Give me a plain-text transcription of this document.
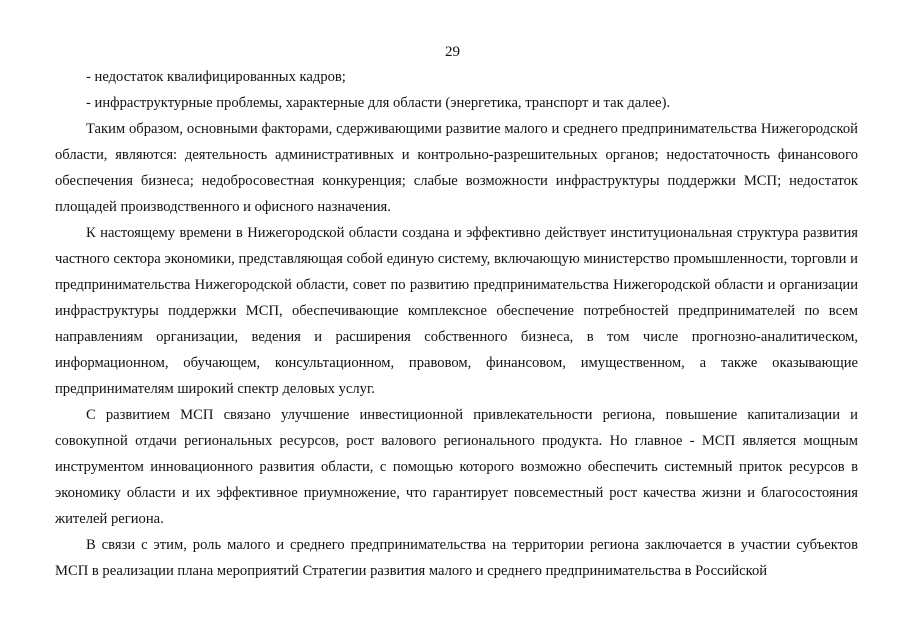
29

- недостаток квалифицированных кадров;

- инфраструктурные проблемы, характерные для области (энергетика, транспорт и так далее).

Таким образом, основными факторами, сдерживающими развитие малого и среднего предпринимательства Нижегородской области, являются: деятельность административных и контрольно-разрешительных органов; недостаточность финансового обеспечения бизнеса; недобросовестная конкуренция; слабые возможности инфраструктуры поддержки МСП; недостаток площадей производственного и офисного назначения.

К настоящему времени в Нижегородской области создана и эффективно действует институциональная структура развития частного сектора экономики, представляющая собой единую систему, включающую министерство промышленности, торговли и предпринимательства Нижегородской области, совет по развитию предпринимательства Нижегородской области и организации инфраструктуры поддержки МСП, обеспечивающие комплексное обеспечение потребностей предпринимателей по всем направлениям организации, ведения и расширения собственного бизнеса, в том числе прогнозно-аналитическом, информационном, обучающем, консультационном, правовом, финансовом, имущественном, а также оказывающие предпринимателям широкий спектр деловых услуг.

С развитием МСП связано улучшение инвестиционной привлекательности региона, повышение капитализации и совокупной отдачи региональных ресурсов, рост валового регионального продукта. Но главное - МСП является мощным инструментом инновационного развития области, с помощью которого возможно обеспечить системный приток ресурсов в экономику области и их эффективное приумножение, что гарантирует повсеместный рост качества жизни и благосостояния жителей региона.

В связи с этим, роль малого и среднего предпринимательства на территории региона заключается в участии субъектов МСП в реализации плана мероприятий Стратегии развития малого и среднего предпринимательства в Российской
